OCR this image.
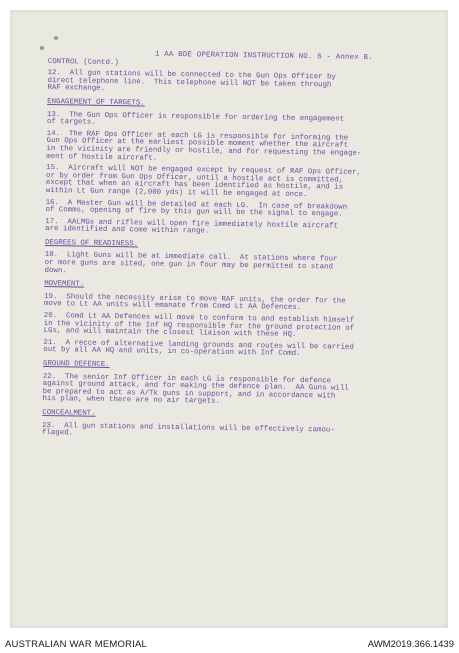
1 AA BDE OPERATION INSTRUCTION NO. 6 - Annex B.
CONTROL (Contd.)
12.  All gun stations will be connected to the Gun Ops Officer by
direct telephone line.  This telephone will NOT be taken through
RAF exchange.
ENGAGEMENT OF TARGETS.
13.  The Gun Ops Officer is responsible for ordering the engagement
of targets.
14.  The RAF Ops Officer at each LG is responsible for informing the
Gun Ops Officer at the earliest possible moment whether the aircraft
in the vicinity are friendly or hostile, and for requesting the engage-
ment of hostile aircraft.
15.  Aircraft will NOT be engaged except by request of RAF Ops Officer,
or by order from Gun Ops Officer, until a hostile act is committed,
except that when an aircraft has been identified as hostile, and is
within Lt Gun range (2,000 yds) it will be engaged at once.
16.  A Master Gun will be detailed at each LG.  In case of breakdown
of Comms, opening of fire by this gun will be the signal to engage.
17.  AALMGs and rifles will open fire immediately hostile aircraft
are identified and come within range.
DEGREES OF READINESS.
18.  Light Guns will be at immediate call.  At stations where four
or more guns are sited, one gun in four may be permitted to stand
down.
MOVEMENT.
19.  Should the necessity arise to move RAF units, the order for the
move to Lt AA units will emanate from Comd Lt AA Defences.
20.  Comd Lt AA Defences will move to conform to and establish himself
in the vicinity of the Inf HQ responsible for the ground protection of
LGs, and will maintain the closest liaison with these HQ.
21.  A recce of alternative landing grounds and routes will be carried
out by all AA HQ and units, in co-operation with Inf Comd.
GROUND DEFENCE.
22.  The senior Inf Officer in each LG is responsible for defence
against ground attack, and for making the defence plan.  AA Guns will
be prepared to act as A/Tk guns in support, and in accordance with
his plan, when there are no air targets.
CONCEALMENT.
23.  All gun stations and installations will be effectively camou-
flaged.
AUSTRALIAN WAR MEMORIAL	AWM2019.366.1439
